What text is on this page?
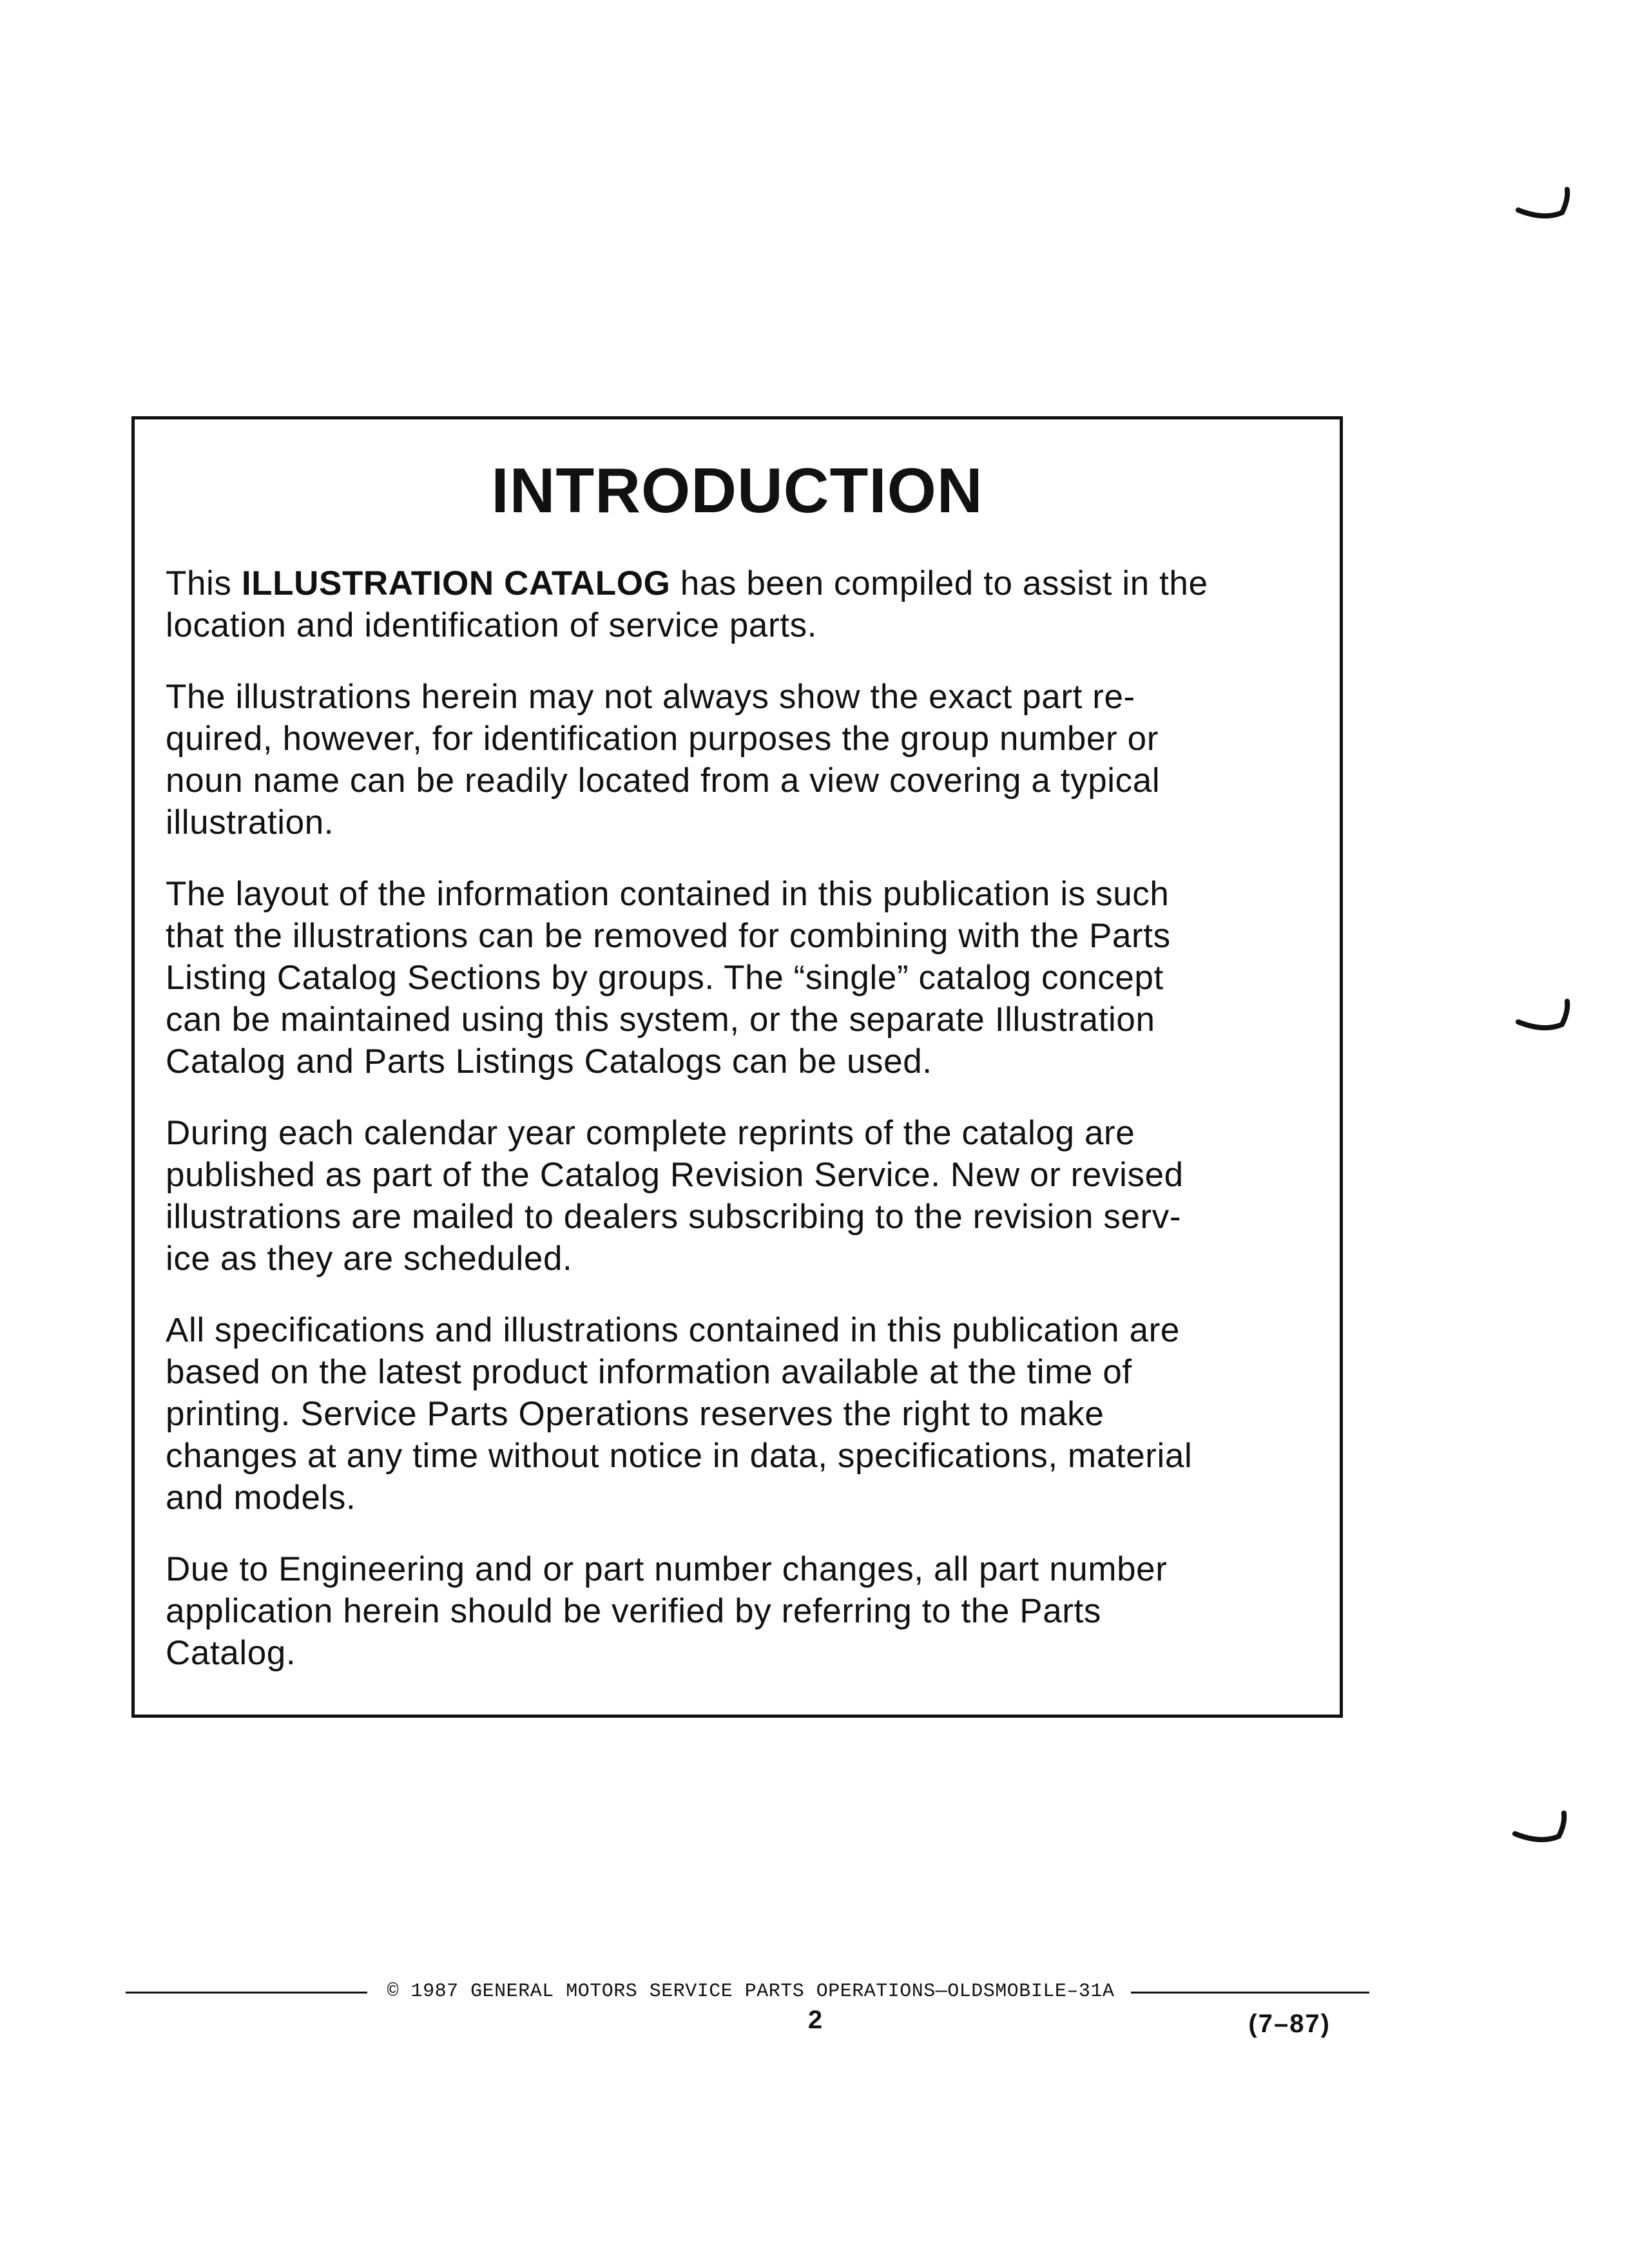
INTRODUCTION

This ILLUSTRATION CATALOG has been compiled to assist in the
location and identification of service parts.

The illustrations herein may not always show the exact part re-
quired, however, for identification purposes the group number or
noun name can be readily located from a view covering a typical
illustration.

The layout of the information contained in this publication is such
that the illustrations can be removed for combining with the Parts
Listing Catalog Sections by groups. The “single” catalog concept
can be maintained using this system, or the separate Illustration
Catalog and Parts Listings Catalogs can be used.

During each calendar year complete reprints of the catalog are
published as part of the Catalog Revision Service. New or revised
illustrations are mailed to dealers subscribing to the revision serv-
ice as they are scheduled.

All specifications and illustrations contained in this publication are
based on the latest product information available at the time of
printing. Service Parts Operations reserves the right to make
changes at any time without notice in data, specifications, material
and models.

Due to Engineering and or part number changes, all part number
application herein should be verified by referring to the Parts
Catalog.

© 1987 GENERAL MOTORS SERVICE PARTS OPERATIONS—OLDSMOBILE–31A
2	(7–87)
